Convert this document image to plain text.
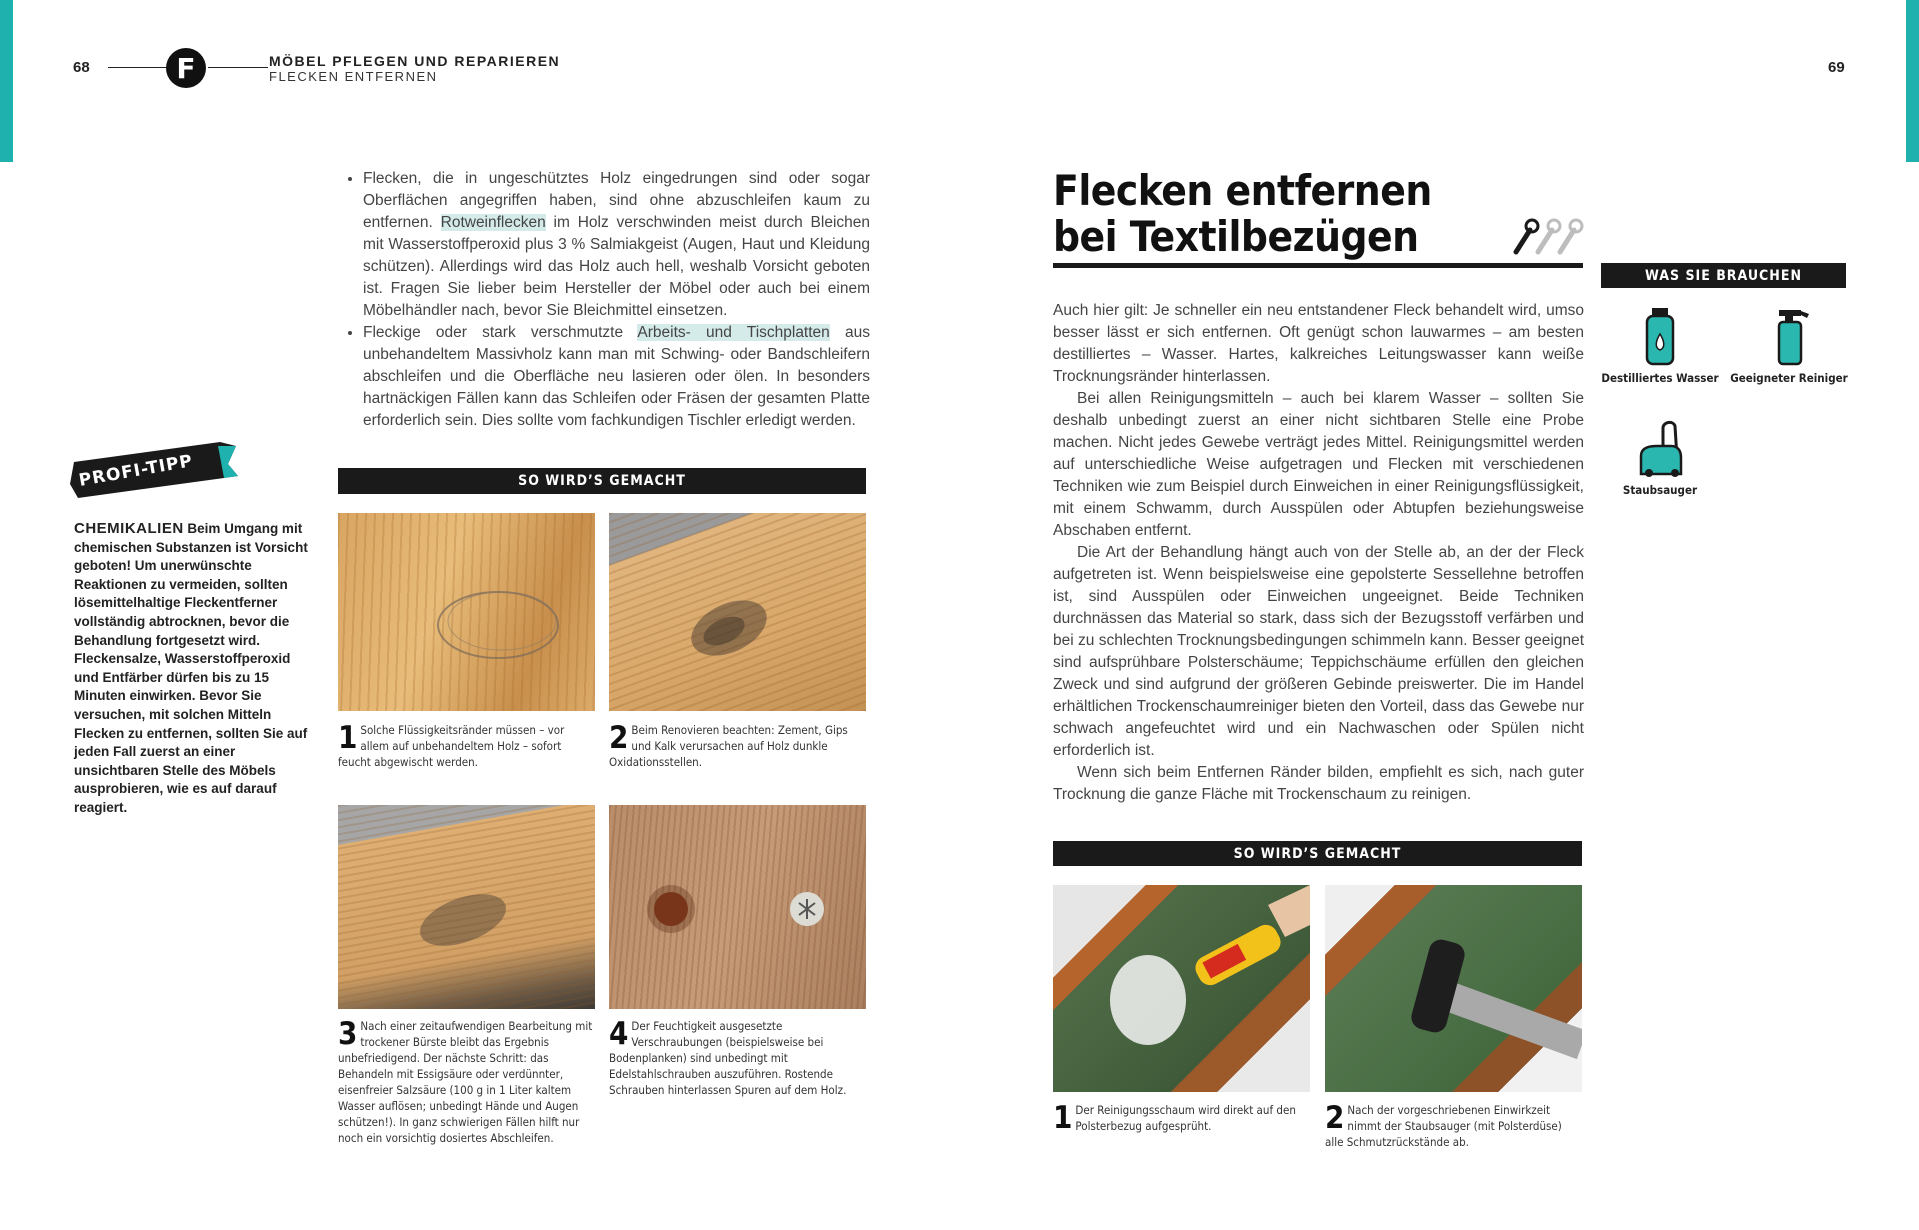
68	F	MÖBEL PFLEGEN UND REPARIEREN
FLECKEN ENTFERNEN
• Flecken, die in ungeschütztes Holz eingedrungen sind oder sogar Oberflächen angegriffen haben, sind ohne abzuschleifen kaum zu entfernen. Rotweinflecken im Holz verschwinden meist durch Bleichen mit Wasserstoffperoxid plus 3 % Salmiakgeist (Augen, Haut und Kleidung schützen). Allerdings wird das Holz auch hell, weshalb Vorsicht geboten ist. Fragen Sie lieber beim Hersteller der Möbel oder auch bei einem Möbelhändler nach, bevor Sie Bleichmittel einsetzen.
• Fleckige oder stark verschmutzte Arbeits- und Tischplatten aus unbehandeltem Massivholz kann man mit Schwing- oder Bandschleifern abschleifen und die Oberfläche neu lasieren oder ölen. In besonders hartnäckigen Fällen kann das Schleifen oder Fräsen der gesamten Platte erforderlich sein. Dies sollte vom fachkundigen Tischler erledigt werden.
PROFI-TIPP
CHEMIKALIEN Beim Umgang mit chemischen Substanzen ist Vorsicht geboten! Um unerwünschte Reaktionen zu vermeiden, sollten lösemittelhaltige Fleckentferner vollständig abtrocknen, bevor die Behandlung fortgesetzt wird. Fleckensalze, Wasserstoffperoxid und Entfärber dürfen bis zu 15 Minuten einwirken. Bevor Sie versuchen, mit solchen Mitteln Flecken zu entfernen, sollten Sie auf jeden Fall zuerst an einer unsichtbaren Stelle des Möbels ausprobieren, wie es auf darauf reagiert.
SO WIRD’S GEMACHT
1 Solche Flüssigkeitsränder müssen – vor allem auf unbehandeltem Holz – sofort feucht abgewischt werden.
2 Beim Renovieren beachten: Zement, Gips und Kalk verursachen auf Holz dunkle Oxidationsstellen.
3 Nach einer zeitaufwendigen Bearbeitung mit trockener Bürste bleibt das Ergebnis unbefriedigend. Der nächste Schritt: das Behandeln mit Essigsäure oder verdünnter, eisenfreier Salzsäure (100 g in 1 Liter kaltem Wasser auflösen; unbedingt Hände und Augen schützen!). In ganz schwierigen Fällen hilft nur noch ein vorsichtig dosiertes Abschleifen.
4 Der Feuchtigkeit ausgesetzte Verschraubungen (beispielsweise bei Bodenplanken) sind unbedingt mit Edelstahlschrauben auszuführen. Rostende Schrauben hinterlassen Spuren auf dem Holz.
69
Flecken entfernen
bei Textilbezügen

Auch hier gilt: Je schneller ein neu entstandener Fleck behandelt wird, umso besser lässt er sich entfernen. Oft genügt schon lauwarmes – am besten destilliertes – Wasser. Hartes, kalkreiches Leitungswasser kann weiße Trocknungsränder hinterlassen.

Bei allen Reinigungsmitteln – auch bei klarem Wasser – sollten Sie deshalb unbedingt zuerst an einer nicht sichtbaren Stelle eine Probe machen. Nicht jedes Gewebe verträgt jedes Mittel. Reinigungsmittel werden auf unterschiedliche Weise aufgetragen und Flecken mit verschiedenen Techniken wie zum Beispiel durch Einweichen in einer Reinigungsflüssigkeit, mit einem Schwamm, durch Ausspülen oder Abtupfen beziehungsweise Abschaben entfernt.

Die Art der Behandlung hängt auch von der Stelle ab, an der der Fleck aufgetreten ist. Wenn beispielsweise eine gepolsterte Sessellehne betroffen ist, sind Ausspülen oder Einweichen ungeeignet. Beide Techniken durchnässen das Material so stark, dass sich der Bezugsstoff verfärben und bei zu schlechten Trocknungsbedingungen schimmeln kann. Besser geeignet sind aufsprühbare Polsterschäume; Teppichschäume erfüllen den gleichen Zweck und sind aufgrund der größeren Gebinde preiswerter. Die im Handel erhältlichen Trockenschaumreiniger bieten den Vorteil, dass das Gewebe nur schwach angefeuchtet wird und ein Nachwaschen oder Spülen nicht erforderlich ist.

Wenn sich beim Entfernen Ränder bilden, empfiehlt es sich, nach guter Trocknung die ganze Fläche mit Trockenschaum zu reinigen.

WAS SIE BRAUCHEN
Destilliertes Wasser Geeigneter Reiniger
Staubsauger
SO WIRD’S GEMACHT
1 Der Reinigungsschaum wird direkt auf den Polsterbezug aufgesprüht.	2 Nach der vorgeschriebenen Einwirkzeit nimmt der Staubsauger (mit Polsterdüse) alle Schmutzrückstände ab.
